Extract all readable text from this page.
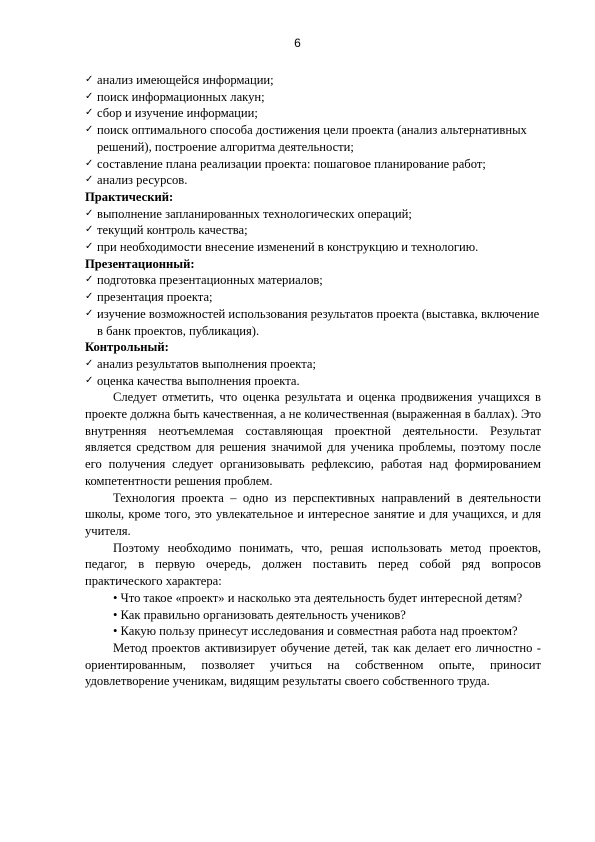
6
✓ анализ имеющейся информации;
✓ поиск информационных лакун;
✓ сбор и изучение информации;
✓ поиск оптимального способа достижения цели проекта (анализ альтернативных решений), построение алгоритма деятельности;
✓ составление плана реализации проекта: пошаговое планирование работ;
✓ анализ ресурсов.
Практический:
✓ выполнение запланированных технологических операций;
✓ текущий контроль качества;
✓ при необходимости внесение изменений в конструкцию и технологию.
Презентационный:
✓ подготовка презентационных материалов;
✓ презентация проекта;
✓ изучение возможностей использования результатов проекта (выставка, включение в банк проектов, публикация).
Контрольный:
✓ анализ результатов выполнения проекта;
✓ оценка качества выполнения проекта.
Следует отметить, что оценка результата и оценка продвижения учащихся в проекте должна быть качественная, а не количественная (выраженная в баллах). Это внутренняя неотъемлемая составляющая проектной деятельности. Результат является средством для решения значимой для ученика проблемы, поэтому после его получения следует организовывать рефлексию, работая над формированием компетентности решения проблем.
Технология проекта – одно из перспективных направлений в деятельности школы, кроме того, это увлекательное и интересное занятие и для учащихся, и для учителя.
Поэтому необходимо понимать, что, решая использовать метод проектов, педагог, в первую очередь, должен поставить перед собой ряд вопросов практического характера:
• Что такое «проект» и насколько эта деятельность будет интересной детям?
• Как правильно организовать деятельность учеников?
• Какую пользу принесут исследования и совместная работа над проектом?
Метод проектов активизирует обучение детей, так как делает его личностно - ориентированным, позволяет учиться на собственном опыте, приносит удовлетворение ученикам, видящим результаты своего собственного труда.
